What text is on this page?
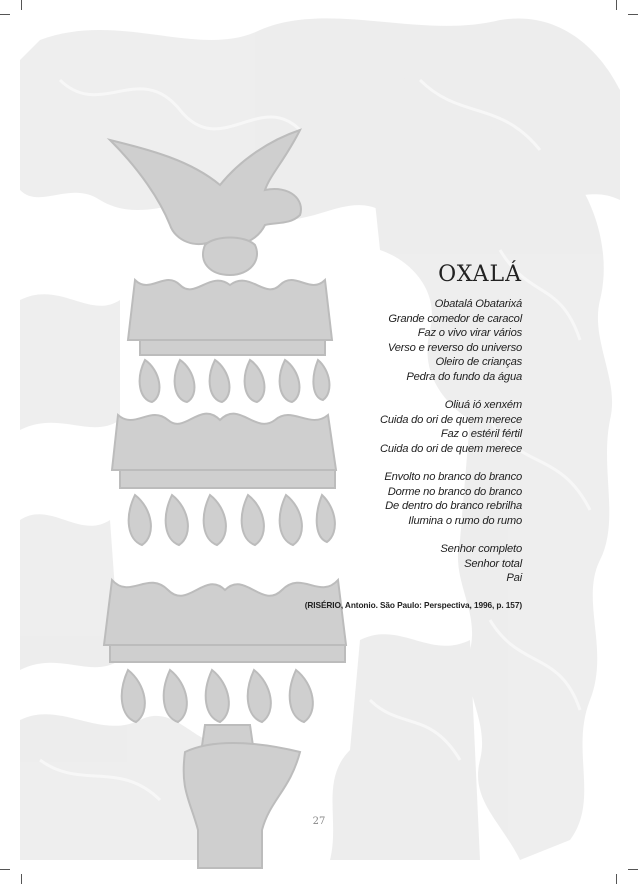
OXALÁ
Obatalá Obatarixá
Grande comedor de caracol
Faz o vivo virar vários
Verso e reverso do universo
Oleiro de crianças
Pedra do fundo da água
Oliuá ió xenxém
Cuida do ori de quem merece
Faz o estéril fértil
Cuida do ori de quem merece
Envolto no branco do branco
Dorme no branco do branco
De dentro do branco rebrilha
Ilumina o rumo do rumo
Senhor completo
Senhor total
Pai
(RISÉRIO, Antonio. São Paulo: Perspectiva, 1996, p. 157)
27
